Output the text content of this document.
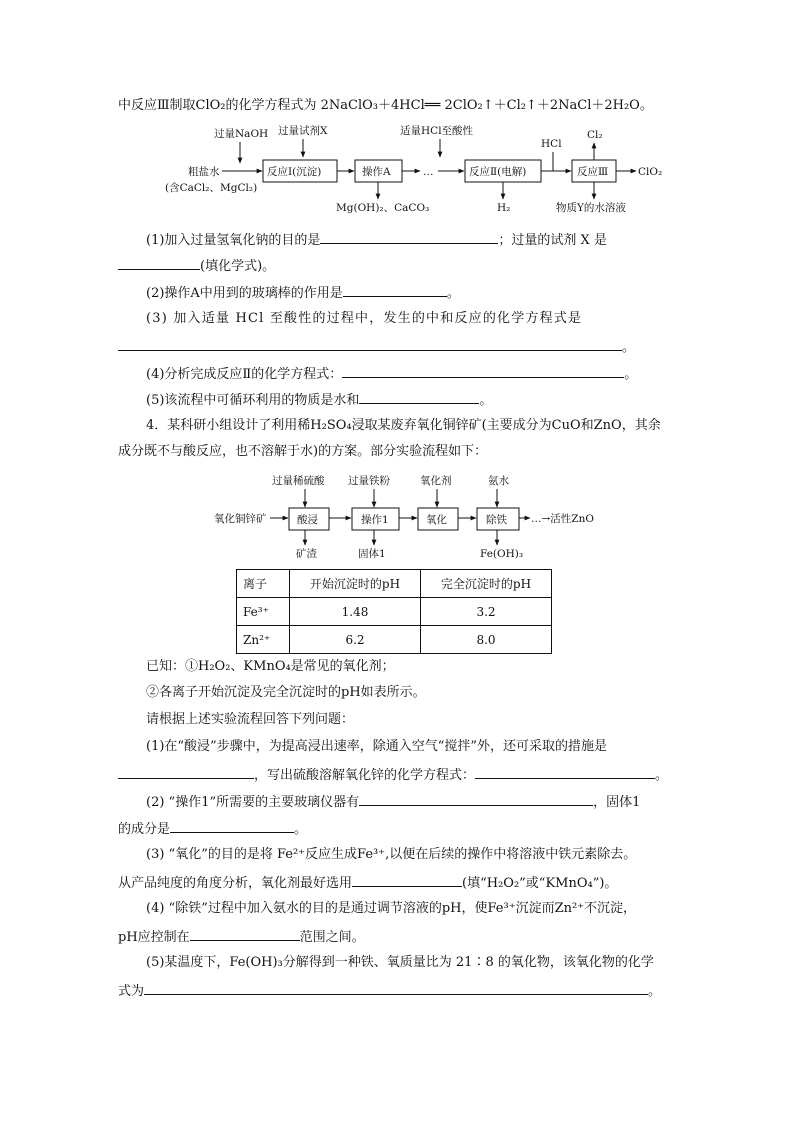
中反应Ⅲ制取ClO₂的化学方程式为 2NaClO₃＋4HCl══ 2ClO₂↑＋Cl₂↑＋2NaCl＋2H₂O。
过量NaOH 过量试剂X	适量HCl至酸性
HCl
Cl₂
粗盐水
(含CaCl₂、MgCl₂)
反应Ⅰ(沉淀)	操作A	…	反应Ⅱ(电解)	反应Ⅲ	ClO₂
Mg(OH)₂、CaCO₃	H₂	物质Y的水溶液
过量稀硫酸 过量铁粉	氧化剂	氨水
氧化铜锌矿	酸浸	操作1	氧化	除铁 …→活性ZnO
矿渣	固体1	Fe(OH)₃
(1)加入过量氢氧化钠的目的是	；过量的试剂 X 是
(填化学式)。
(2)操作A中用到的玻璃棒的作用是	。
(3) 加入适量 HCl 至酸性的过程中，发生的中和反应的化学方程式是
。
(4)分析完成反应Ⅱ的化学方程式：	。
(5)该流程中可循环利用的物质是水和	。
4．某科研小组设计了利用稀H₂SO₄浸取某废弃氧化铜锌矿(主要成分为CuO和ZnO，其余
成分既不与酸反应，也不溶解于水)的方案。部分实验流程如下：
离子	开始沉淀时的pH	完全沉淀时的pH
Fe³⁺	1.48	3.2
Zn²⁺	6.2	8.0
已知：①H₂O₂、KMnO₄是常见的氧化剂；
②各离子开始沉淀及完全沉淀时的pH如表所示。
请根据上述实验流程回答下列问题：
(1)在“酸浸”步骤中，为提高浸出速率，除通入空气“搅拌”外，还可采取的措施是
，写出硫酸溶解氧化锌的化学方程式：	。
(2) “操作1”所需要的主要玻璃仪器有	，固体1
的成分是	。
(3) “氧化”的目的是将 Fe²⁺反应生成Fe³⁺,以便在后续的操作中将溶液中铁元素除去。
从产品纯度的角度分析，氧化剂最好选用	(填“H₂O₂”或“KMnO₄”)。
(4) “除铁”过程中加入氨水的目的是通过调节溶液的pH，使Fe³⁺沉淀而Zn²⁺不沉淀，
pH应控制在	范围之间。
(5)某温度下，Fe(OH)₃分解得到一种铁、氧质量比为 21∶8 的氧化物，该氧化物的化学
式为	。
